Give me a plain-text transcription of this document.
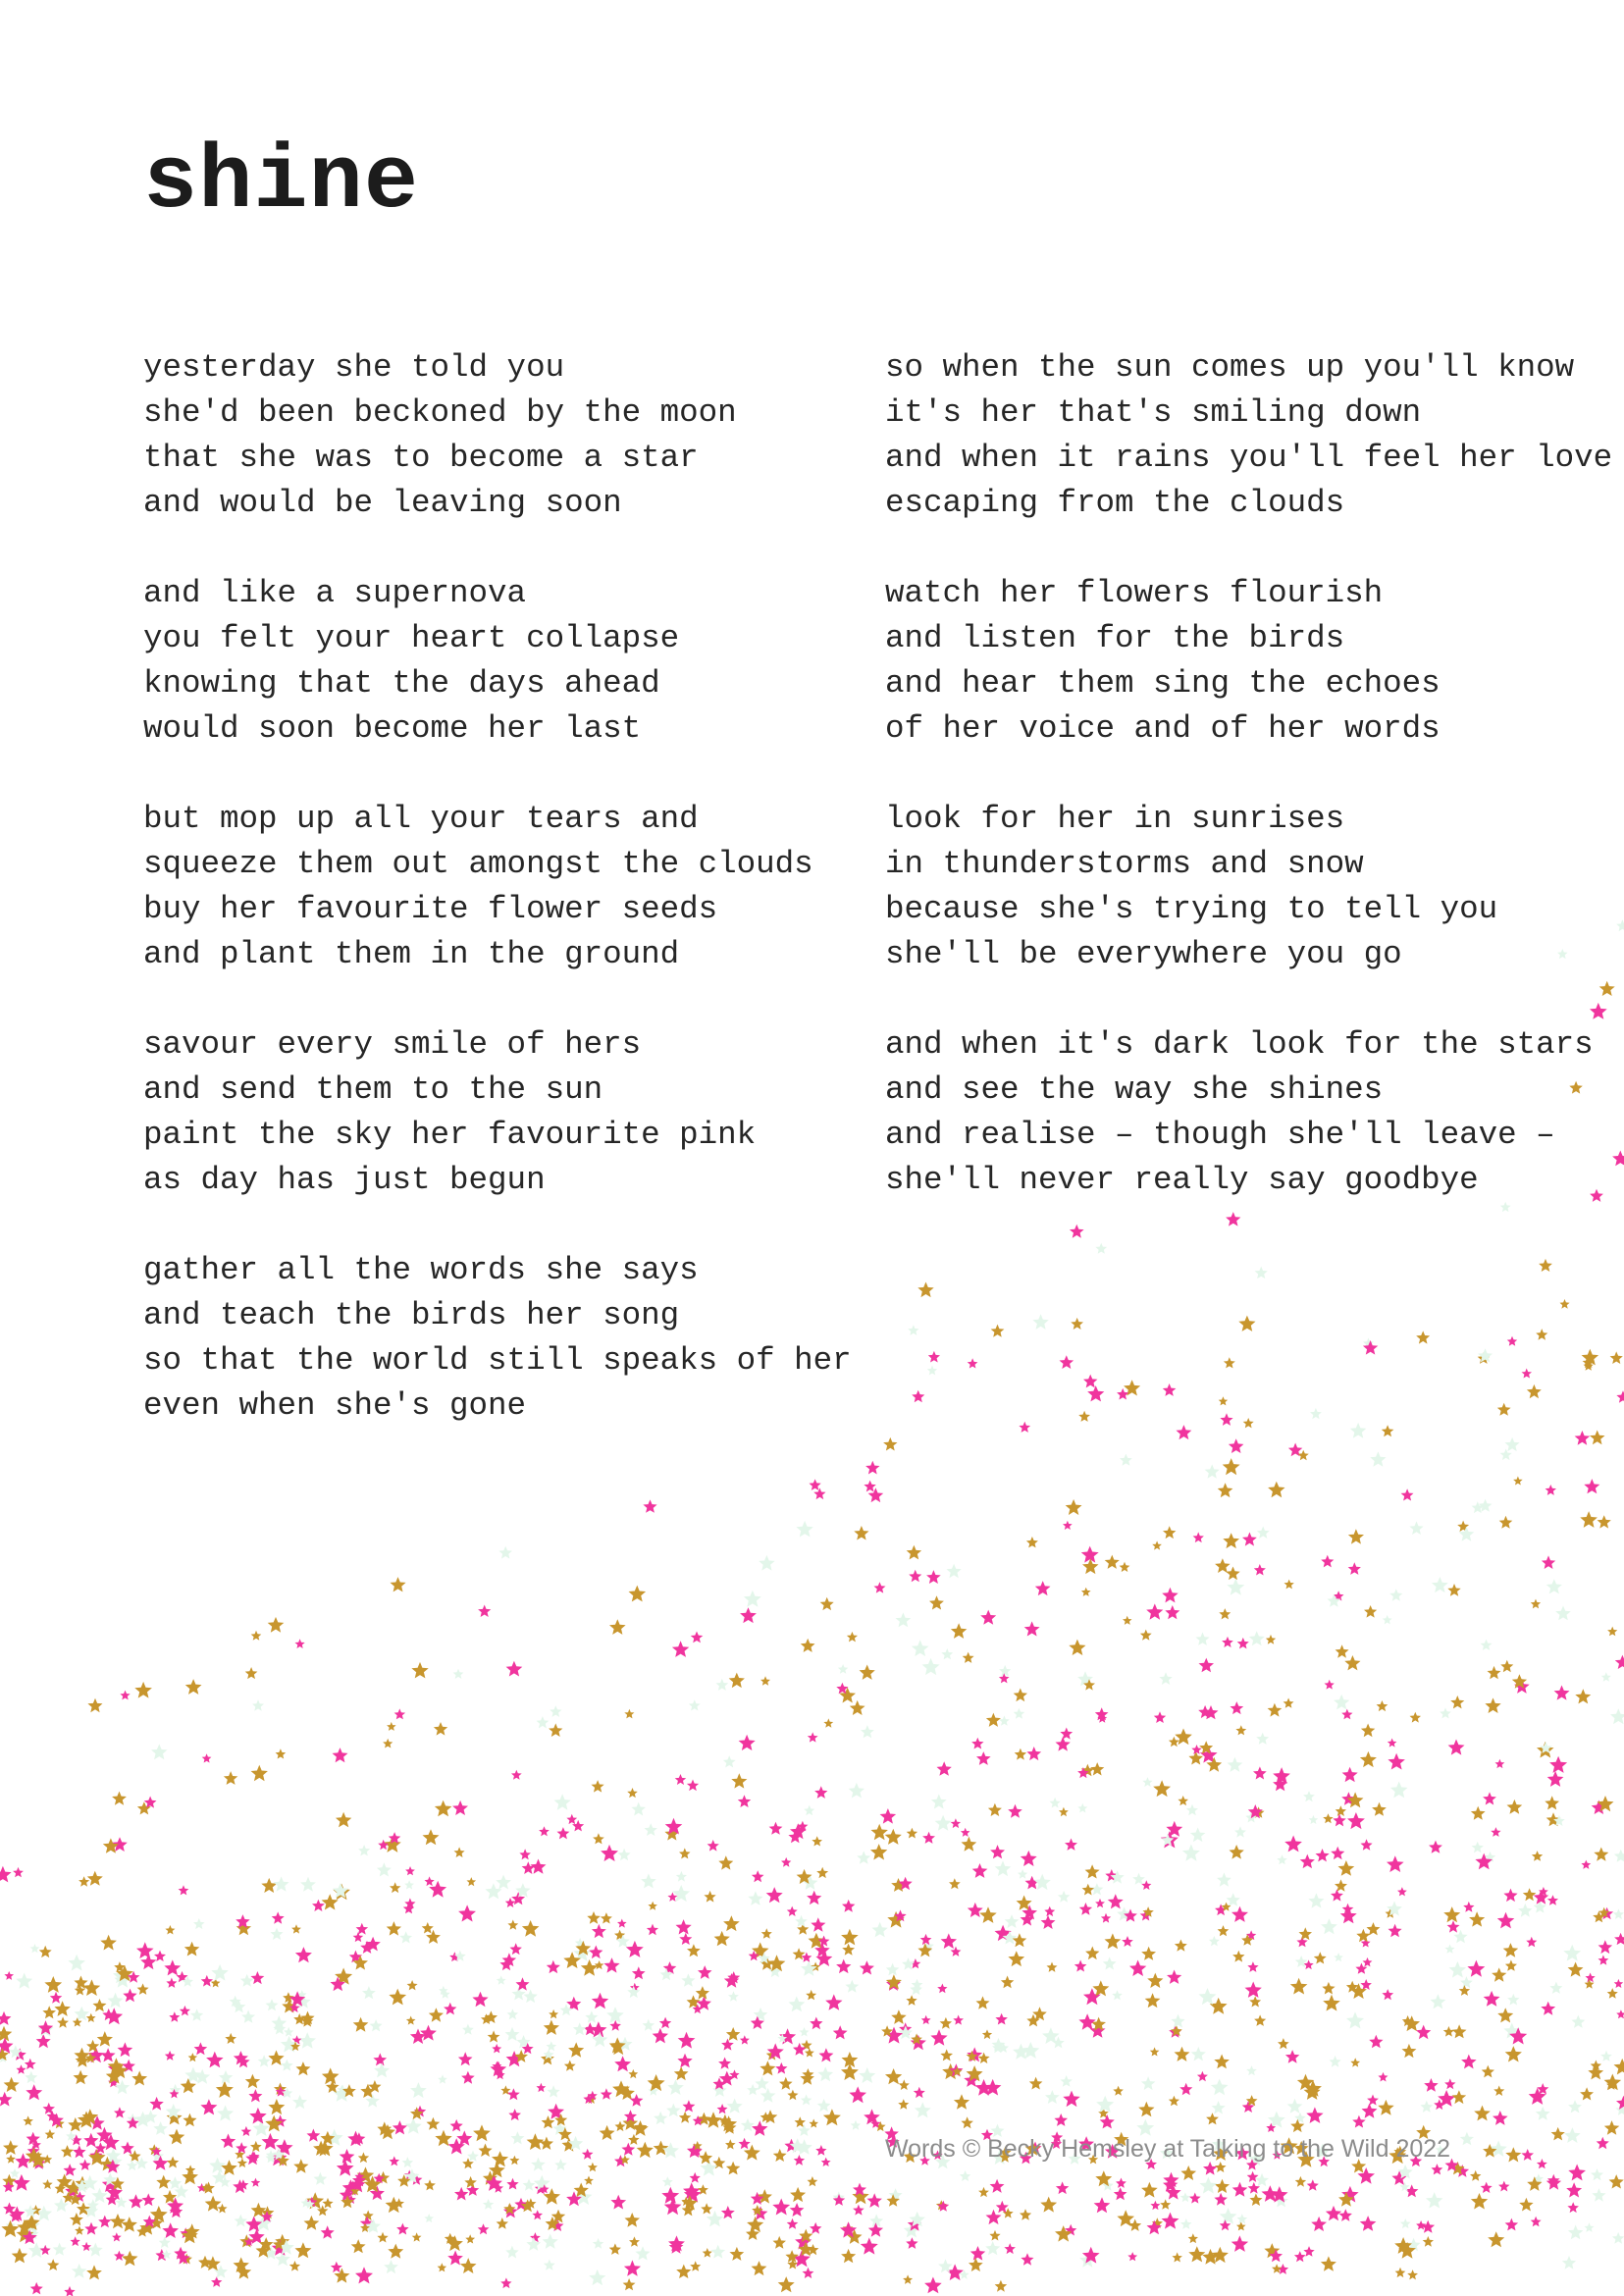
shine
yesterday she told you
she'd been beckoned by the moon
that she was to become a star
and would be leaving soon
and like a supernova
you felt your heart collapse
knowing that the days ahead
would soon become her last
but mop up all your tears and
squeeze them out amongst the clouds
buy her favourite flower seeds
and plant them in the ground
savour every smile of hers
and send them to the sun
paint the sky her favourite pink
as day has just begun
gather all the words she says
and teach the birds her song
so that the world still speaks of her
even when she's gone
so when the sun comes up you'll know
it's her that's smiling down
and when it rains you'll feel her love
escaping from the clouds
watch her flowers flourish
and listen for the birds
and hear them sing the echoes
of her voice and of her words
look for her in sunrises
in thunderstorms and snow
because she's trying to tell you
she'll be everywhere you go
and when it's dark look for the stars
and see the way she shines
and realise – though she'll leave –
she'll never really say goodbye
Words © Becky Hemsley at Talking to the Wild 2022
